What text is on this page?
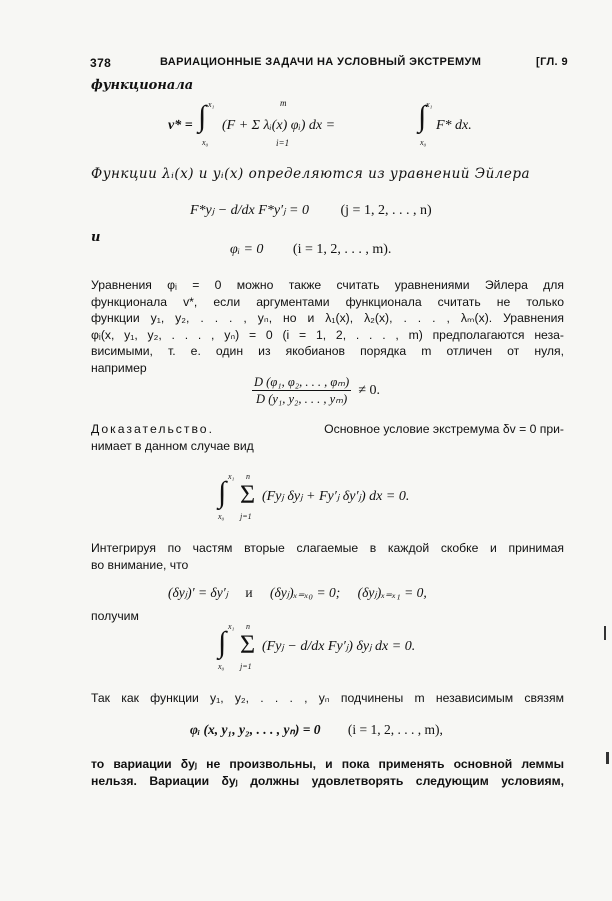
378	ВАРИАЦИОННЫЕ ЗАДАЧИ НА УСЛОВНЫЙ ЭКСТРЕМУМ	[ГЛ. 9
функционала
v* = ∫ x₁
x₀
m
i=1
(F + Σ λᵢ(x) φᵢ) dx =	∫ x₁
x₀
F* dx.
Функции λᵢ(x) и yᵢ(x) определяются из уравнений Эйлера
F*yⱼ − d/dx F*y′ⱼ = 0 (j = 1, 2, . . . , n)
и
φᵢ = 0 (i = 1, 2, . . . , m).
Уравнения φᵢ = 0 можно также считать уравнениями Эйлера для
функционала v*, если аргументами функционала считать не только
функции y₁, y₂, . . . , yₙ, но и λ₁(x), λ₂(x), . . . , λₘ(x). Уравнения
φᵢ(x, y₁, y₂, . . . , yₙ) = 0 (i = 1, 2, . . . , m) предполагаются неза-
висимыми, т. е. один из якобианов порядка m отличен от нуля,
например
$\frac{\text{D (φ₁, φ₂, . . . , φₘ)}}{\text{D (y₁, y₂, . . . , yₘ)}} \ne 0$.
Доказательство.	Основное условие экстремума δv = 0 при-
нимает в данном случае вид
∫ x₁
x₀
Σ
n
j=1
(Fyⱼ δyⱼ + Fy′ⱼ δy′ⱼ) dx = 0.
Интегрируя по частям вторые слагаемые в каждой скобке и принимая
во внимание, что
(δyⱼ)′ = δy′ⱼ и (δyⱼ)ₓ₌ₓ₀ = 0; (δyⱼ)ₓ₌ₓ₁ = 0,
получим
∫ x₁
x₀
Σ
n
j=1
(Fyⱼ − d/dx Fy′ⱼ) δyⱼ dx = 0.
Так как функции y₁, y₂, . . . , yₙ подчинены m независимым связям
φᵢ (x, y₁, y₂, . . . , yₙ) = 0 (i = 1, 2, . . . , m),
то вариации δyⱼ не произвольны, и пока применять основной леммы
нельзя. Вариации δyⱼ должны удовлетворять следующим условиям,
